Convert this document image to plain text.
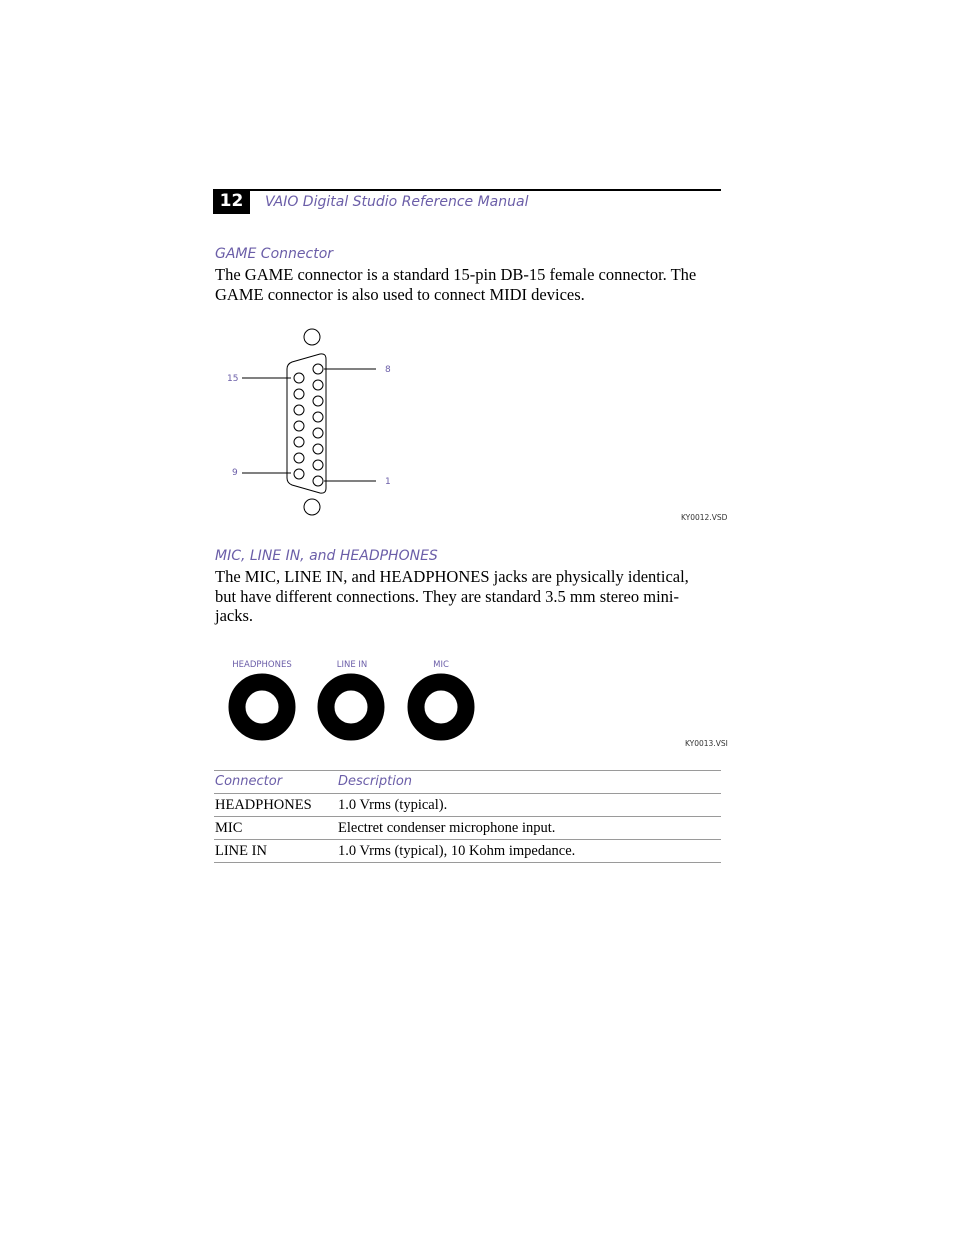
12	VAIO Digital Studio Reference Manual
GAME Connector
The GAME connector is a standard 15-pin DB-15 female connector. The
GAME connector is also used to connect MIDI devices.
15
9
8
1
KY0012.VSD
MIC, LINE IN, and HEADPHONES
The MIC, LINE IN, and HEADPHONES jacks are physically identical,
but have different connections. They are standard 3.5 mm stereo mini-
jacks.
HEADPHONES	LINE IN	MIC
KY0013.VSI
Connector	Description
HEADPHONES 1.0 Vrms (typical).
MIC	Electret condenser microphone input.
LINE IN	1.0 Vrms (typical), 10 Kohm impedance.
